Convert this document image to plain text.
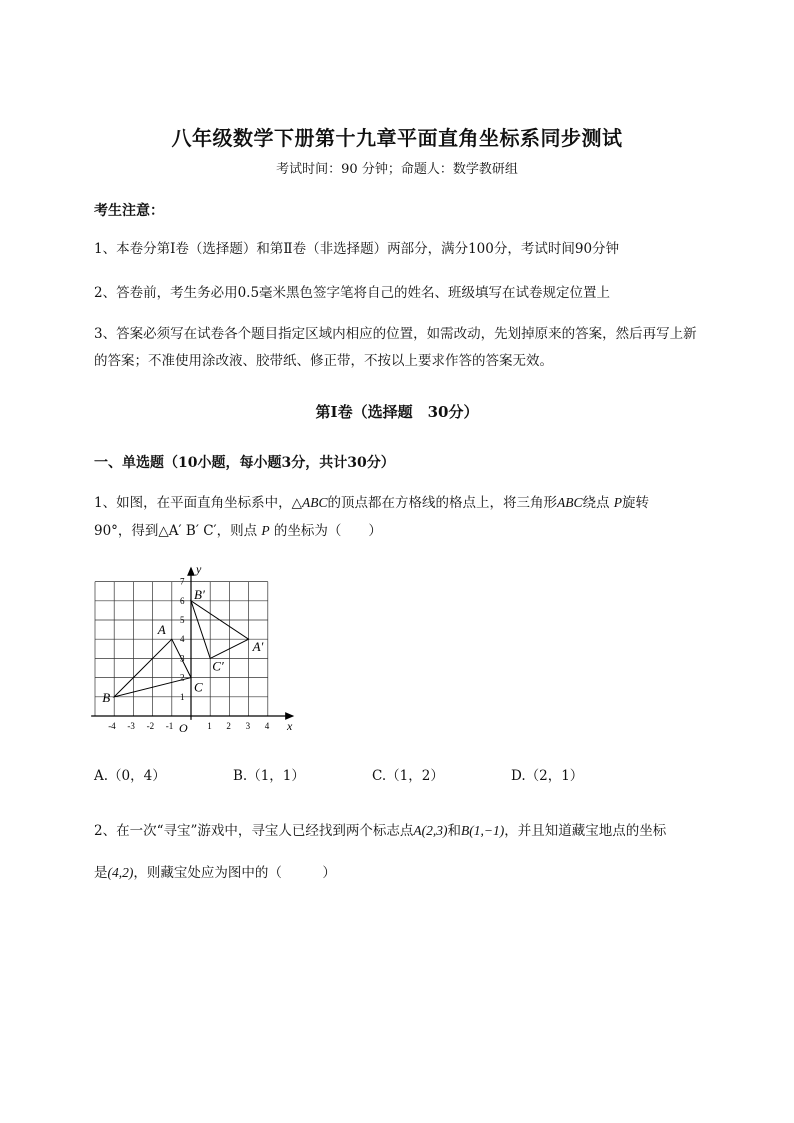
八年级数学下册第十九章平面直角坐标系同步测试
考试时间：90 分钟；命题人：数学教研组
考生注意：
1、本卷分第Ⅰ卷（选择题）和第Ⅱ卷（非选择题）两部分，满分100分，考试时间90分钟
2、答卷前，考生务必用0.5毫米黑色签字笔将自己的姓名、班级填写在试卷规定位置上
3、答案必须写在试卷各个题目指定区域内相应的位置，如需改动，先划掉原来的答案，然后再写上新的答案；不准使用涂改液、胶带纸、修正带，不按以上要求作答的答案无效。
第Ⅰ卷（选择题　30分）
一、单选题（10小题，每小题3分，共计30分）
1、如图，在平面直角坐标系中，△ABC的顶点都在方格线的格点上，将三角形ABC绕点 P旋转
90°，得到△A′ B′ C′，则点 P 的坐标为（　　）
-4 -3 -2 -1	1 2 3 4
1
2
3
4
5
6
7
A
B
C
A′
B′
C′
x
y
O
A.（0，4）	B.（1，1）	C.（1，2）	D.（2，1）
2、在一次“寻宝”游戏中，寻宝人已经找到两个标志点A(2,3)和B(1,−1)，并且知道藏宝地点的坐标
是(4,2)，则藏宝处应为图中的（　　　）
